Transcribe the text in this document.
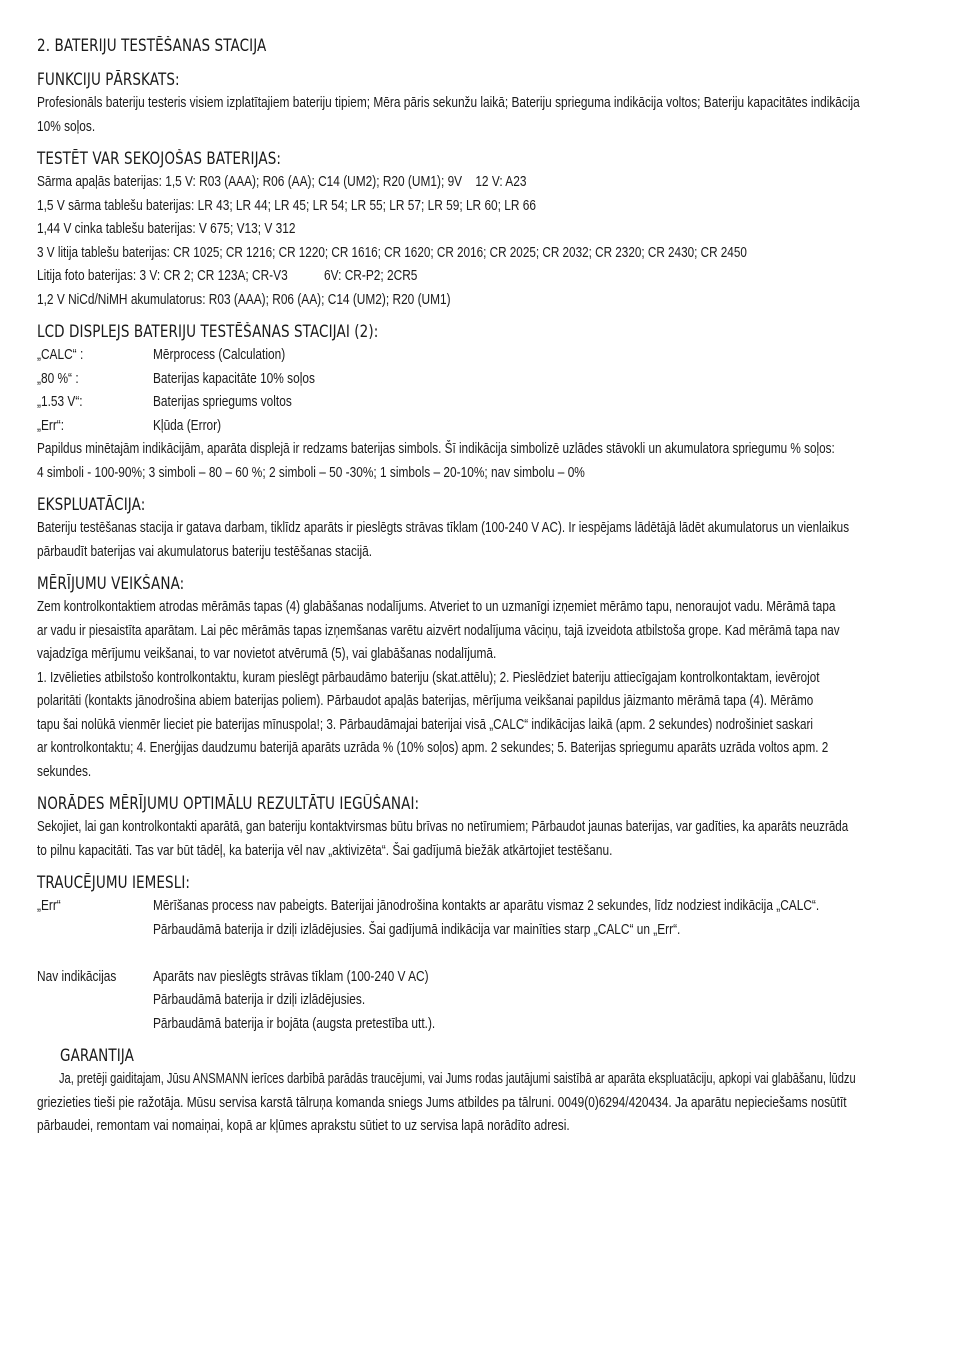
2. BATERIJU TESTĒŠANAS STACIJA
FUNKCIJU PĀRSKATS:

Profesionāls bateriju testeris visiem izplatītajiem bateriju tipiem; Mēra pāris sekunžu laikā; Bateriju sprieguma indikācija voltos; Bateriju kapacitātes indikācija

10% soļos.

TESTĒT VAR SEKOJOŠAS BATERIJAS:

Sārma apaļās baterijas: 1,5 V: R03 (AAA); R06 (AA); C14 (UM2); R20 (UM1); 9V    12 V: A23

1,5 V sārma tablešu baterijas: LR 43; LR 44; LR 45; LR 54; LR 55; LR 57; LR 59; LR 60; LR 66

1,44 V cinka tablešu baterijas: V 675; V13; V 312

3 V litija tablešu baterijas: CR 1025; CR 1216; CR 1220; CR 1616; CR 1620; CR 2016; CR 2025; CR 2032; CR 2320; CR 2430; CR 2450

Litija foto baterijas: 3 V: CR 2; CR 123A; CR-V3           6V: CR-P2; 2CR5

1,2 V NiCd/NiMH akumulatorus: R03 (AAA); R06 (AA); C14 (UM2); R20 (UM1)

LCD DISPLEJS BATERIJU TESTĒŠANAS STACIJAI (2):
„CALC“ :	Mērprocess (Calculation)
„80 %“ :	Baterijas kapacitāte 10% soļos
„1.53 V“:	Baterijas spriegums voltos
„Err“:	Kļūda (Error)

Papildus minētajām indikācijām, aparāta displejā ir redzams baterijas simbols. Šī indikācija simbolizē uzlādes stāvokli un akumulatora spriegumu % soļos:

4 simboli - 100-90%; 3 simboli – 80 – 60 %; 2 simboli – 50 -30%; 1 simbols – 20-10%; nav simbolu – 0%

EKSPLUATĀCIJA:

Bateriju testēšanas stacija ir gatava darbam, tiklīdz aparāts ir pieslēgts strāvas tīklam (100-240 V AC). Ir iespējams lādētājā lādēt akumulatorus un vienlaikus

pārbaudīt baterijas vai akumulatorus bateriju testēšanas stacijā.

MĒRĪJUMU VEIKŠANA:

Zem kontrolkontaktiem atrodas mērāmās tapas (4) glabāšanas nodalījums. Atveriet to un uzmanīgi izņemiet mērāmo tapu, nenoraujot vadu. Mērāmā tapa

ar vadu ir piesaistīta aparātam. Lai pēc mērāmās tapas izņemšanas varētu aizvērt nodalījuma vāciņu, tajā izveidota atbilstoša grope. Kad mērāmā tapa nav

vajadzīga mērījumu veikšanai, to var novietot atvērumā (5), vai glabāšanas nodalījumā.

1. Izvēlieties atbilstošo kontrolkontaktu, kuram pieslēgt pārbaudāmo bateriju (skat.attēlu); 2. Pieslēdziet bateriju attiecīgajam kontrolkontaktam, ievērojot

polaritāti (kontakts jānodrošina abiem baterijas poliem). Pārbaudot apaļās baterijas, mērījuma veikšanai papildus jāizmanto mērāmā tapa (4). Mērāmo

tapu šai nolūkā vienmēr lieciet pie baterijas mīnuspola!; 3. Pārbaudāmajai baterijai visā „CALC“ indikācijas laikā (apm. 2 sekundes) nodrošiniet saskari

ar kontrolkontaktu; 4. Enerģijas daudzumu baterijā aparāts uzrāda % (10% soļos) apm. 2 sekundes; 5. Baterijas spriegumu aparāts uzrāda voltos apm. 2

sekundes.

NORĀDES MĒRĪJUMU OPTIMĀLU REZULTĀTU IEGŪŠANAI:

Sekojiet, lai gan kontrolkontakti aparātā, gan bateriju kontaktvirsmas būtu brīvas no netīrumiem; Pārbaudot jaunas baterijas, var gadīties, ka aparāts neuzrāda

to pilnu kapacitāti. Tas var būt tādēļ, ka baterija vēl nav „aktivizēta“. Šai gadījumā biežāk atkārtojiet testēšanu.

TRAUCĒJUMU IEMESLI:
„Err“	Mērīšanas process nav pabeigts. Baterijai jānodrošina kontakts ar aparātu vismaz 2 sekundes, līdz nodziest indikācija „CALC“.
Pārbaudāmā baterija ir dziļi izlādējusies. Šai gadījumā indikācija var mainīties starp „CALC“ un „Err“.
Nav indikācijas	Aparāts nav pieslēgts strāvas tīklam (100-240 V AC)
Pārbaudāmā baterija ir dziļi izlādējusies.
Pārbaudāmā baterija ir bojāta (augsta pretestība utt.).
GARANTIJA

Ja, pretēji gaiditajam, Jūsu ANSMANN ierīces darbībā parādās traucējumi, vai Jums rodas jautājumi saistībā ar aparāta ekspluatāciju, apkopi vai glabāšanu, lūdzu

griezieties tieši pie ražotāja. Mūsu servisa karstā tālruņa komanda sniegs Jums atbildes pa tālruni. 0049(0)6294/420434. Ja aparātu nepieciešams nosūtīt

pārbaudei, remontam vai nomaiņai, kopā ar kļūmes aprakstu sūtiet to uz servisa lapā norādīto adresi.
